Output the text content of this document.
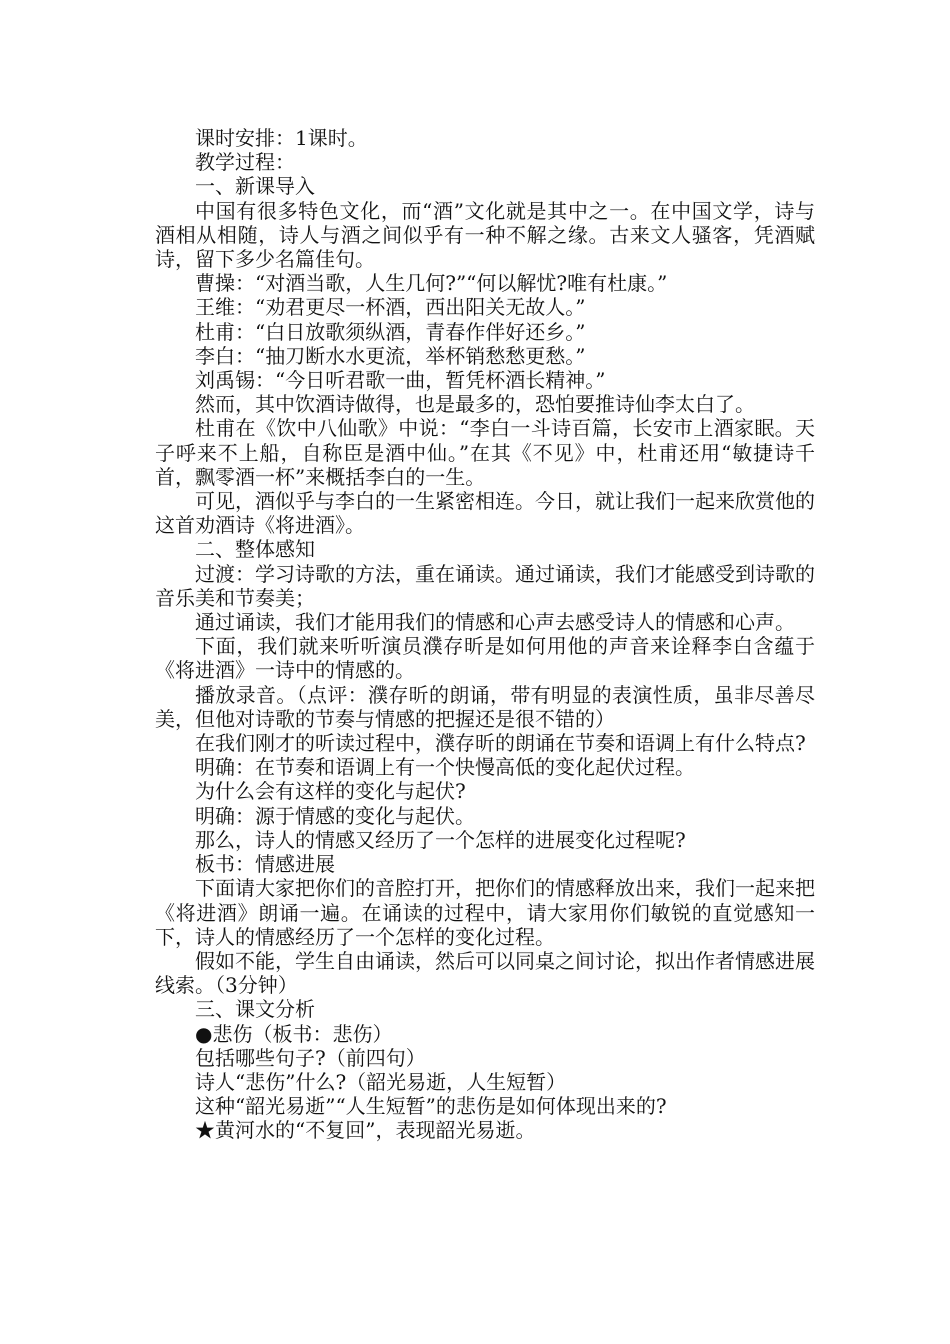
课时安排：1课时。

教学过程：

一、新课导入

中国有很多特色文化，而“酒”文化就是其中之一。在中国文学，诗与酒相从相随，诗人与酒之间似乎有一种不解之缘。古来文人骚客，凭酒赋诗，留下多少名篇佳句。

曹操：“对酒当歌，人生几何?”“何以解忧?唯有杜康。”

王维：“劝君更尽一杯酒，西出阳关无故人。”

杜甫：“白日放歌须纵酒，青春作伴好还乡。”

李白：“抽刀断水水更流，举杯销愁愁更愁。”

刘禹锡：“今日听君歌一曲，暂凭杯酒长精神。”

然而，其中饮酒诗做得，也是最多的，恐怕要推诗仙李太白了。

杜甫在《饮中八仙歌》中说：“李白一斗诗百篇，长安市上酒家眠。天子呼来不上船，自称臣是酒中仙。”在其《不见》中，杜甫还用“敏捷诗千首，飘零酒一杯”来概括李白的一生。

可见，酒似乎与李白的一生紧密相连。今日，就让我们一起来欣赏他的这首劝酒诗《将进酒》。

二、整体感知

过渡：学习诗歌的方法，重在诵读。通过诵读，我们才能感受到诗歌的音乐美和节奏美；

通过诵读，我们才能用我们的情感和心声去感受诗人的情感和心声。

下面，我们就来听听演员濮存昕是如何用他的声音来诠释李白含蕴于《将进酒》一诗中的情感的。

播放录音。（点评：濮存昕的朗诵，带有明显的表演性质，虽非尽善尽美，但他对诗歌的节奏与情感的把握还是很不错的）

在我们刚才的听读过程中，濮存昕的朗诵在节奏和语调上有什么特点?

明确：在节奏和语调上有一个快慢高低的变化起伏过程。

为什么会有这样的变化与起伏?

明确：源于情感的变化与起伏。

那么，诗人的情感又经历了一个怎样的进展变化过程呢?

板书：情感进展

下面请大家把你们的音腔打开，把你们的情感释放出来，我们一起来把《将进酒》朗诵一遍。在诵读的过程中，请大家用你们敏锐的直觉感知一下，诗人的情感经历了一个怎样的变化过程。

假如不能，学生自由诵读，然后可以同桌之间讨论，拟出作者情感进展线索。（3分钟）

三、课文分析

●悲伤（板书：悲伤）

包括哪些句子?（前四句）

诗人“悲伤”什么?（韶光易逝，人生短暂）

这种“韶光易逝”“人生短暂”的悲伤是如何体现出来的?

★黄河水的“不复回”，表现韶光易逝。
